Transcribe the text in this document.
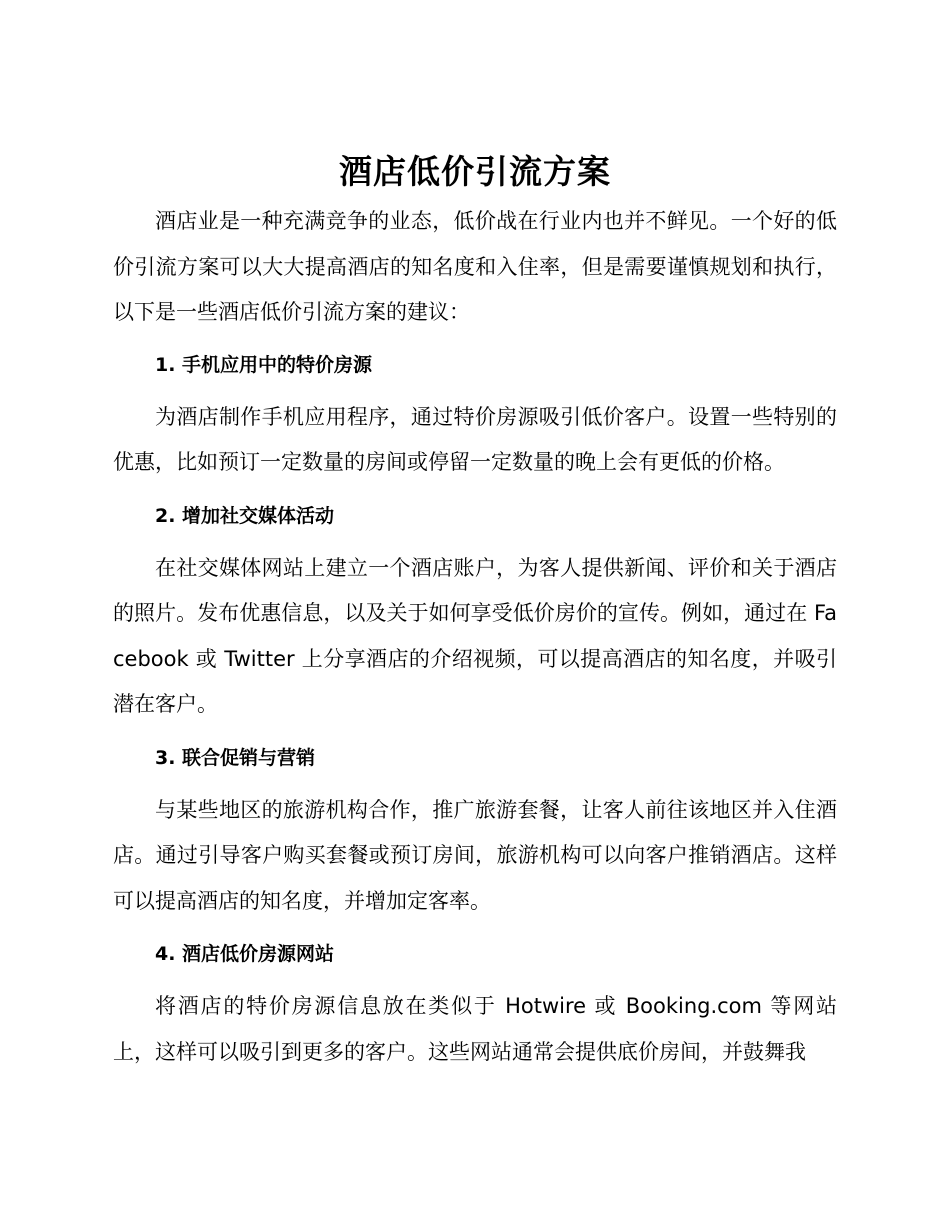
酒店低价引流方案

酒店业是一种充满竞争的业态，低价战在行业内也并不鲜见。一个好的低价引流方案可以大大提高酒店的知名度和入住率，但是需要谨慎规划和执行，以下是一些酒店低价引流方案的建议：

1. 手机应用中的特价房源

为酒店制作手机应用程序，通过特价房源吸引低价客户。设置一些特别的优惠，比如预订一定数量的房间或停留一定数量的晚上会有更低的价格。

2. 增加社交媒体活动

在社交媒体网站上建立一个酒店账户，为客人提供新闻、评价和关于酒店的照片。发布优惠信息，以及关于如何享受低价房价的宣传。例如，通过在 Facebook 或 Twitter 上分享酒店的介绍视频，可以提高酒店的知名度，并吸引潜在客户。

3. 联合促销与营销

与某些地区的旅游机构合作，推广旅游套餐，让客人前往该地区并入住酒店。通过引导客户购买套餐或预订房间，旅游机构可以向客户推销酒店。这样可以提高酒店的知名度，并增加定客率。

4. 酒店低价房源网站

将酒店的特价房源信息放在类似于 Hotwire 或 Booking.com 等网站上，这样可以吸引到更多的客户。这些网站通常会提供底价房间，并鼓舞我
